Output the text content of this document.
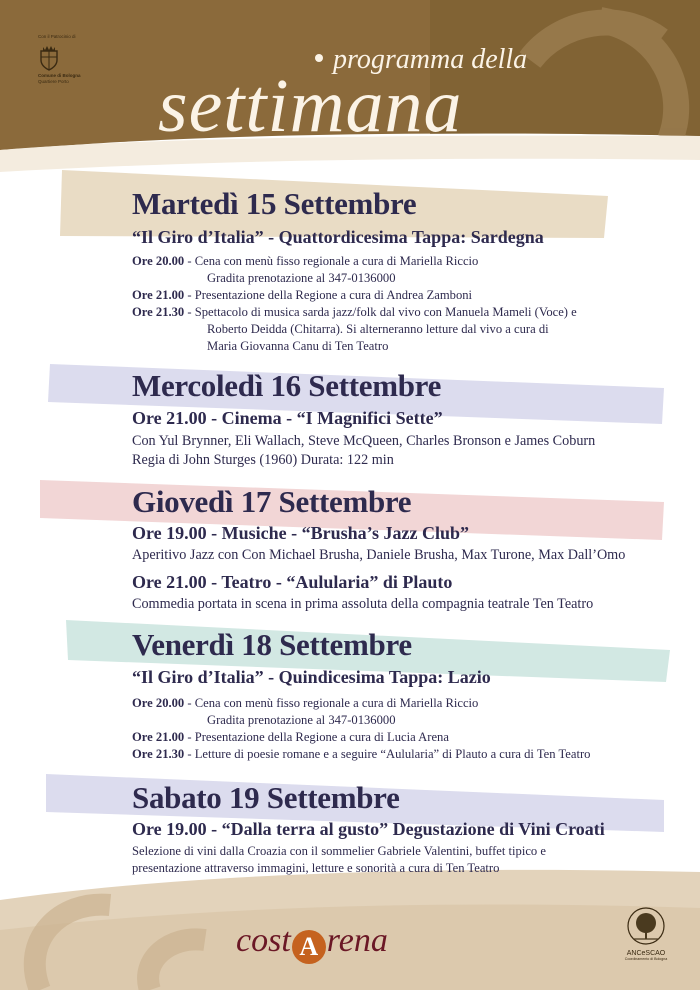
Con il Patrocinio di
Comune di Bologna
Quartiere Porto
programma della
settimana
Martedì 15 Settembre
“Il Giro d’Italia” - Quattordicesima Tappa: Sardegna
Ore 20.00 - Cena con menù fisso regionale a cura di Mariella Riccio
Gradita prenotazione al 347-0136000
Ore 21.00 - Presentazione della Regione a cura di Andrea Zamboni
Ore 21.30 - Spettacolo di musica sarda jazz/folk dal vivo con Manuela Mameli (Voce) e
Roberto Deidda (Chitarra). Si alterneranno letture dal vivo a cura di
Maria Giovanna Canu di Ten Teatro
Mercoledì 16 Settembre
Ore 21.00 - Cinema - “I Magnifici Sette”
Con Yul Brynner, Eli Wallach, Steve McQueen, Charles Bronson e James Coburn
Regia di John Sturges (1960) Durata: 122 min
Giovedì 17 Settembre
Ore 19.00 - Musiche - “Brusha’s Jazz Club”
Aperitivo Jazz con Con Michael Brusha, Daniele Brusha, Max Turone, Max Dall’Omo
Ore 21.00 - Teatro - “Aulularia” di Plauto
Commedia portata in scena in prima assoluta della compagnia teatrale Ten Teatro
Venerdì 18 Settembre
“Il Giro d’Italia” - Quindicesima Tappa: Lazio
Ore 20.00 - Cena con menù fisso regionale a cura di Mariella Riccio
Gradita prenotazione al 347-0136000
Ore 21.00 - Presentazione della Regione a cura di Lucia Arena
Ore 21.30 - Letture di poesie romane e a seguire “Aulularia” di Plauto a cura di Ten Teatro
Sabato 19 Settembre
Ore 19.00 - “Dalla terra al gusto” Degustazione di Vini Croati
Selezione di vini dalla Croazia con il sommelier Gabriele Valentini, buffet tipico e
presentazione attraverso immagini, letture e sonorità a cura di Ten Teatro
cost A rena	ANCeSCAO
Coordinamento di Bologna
